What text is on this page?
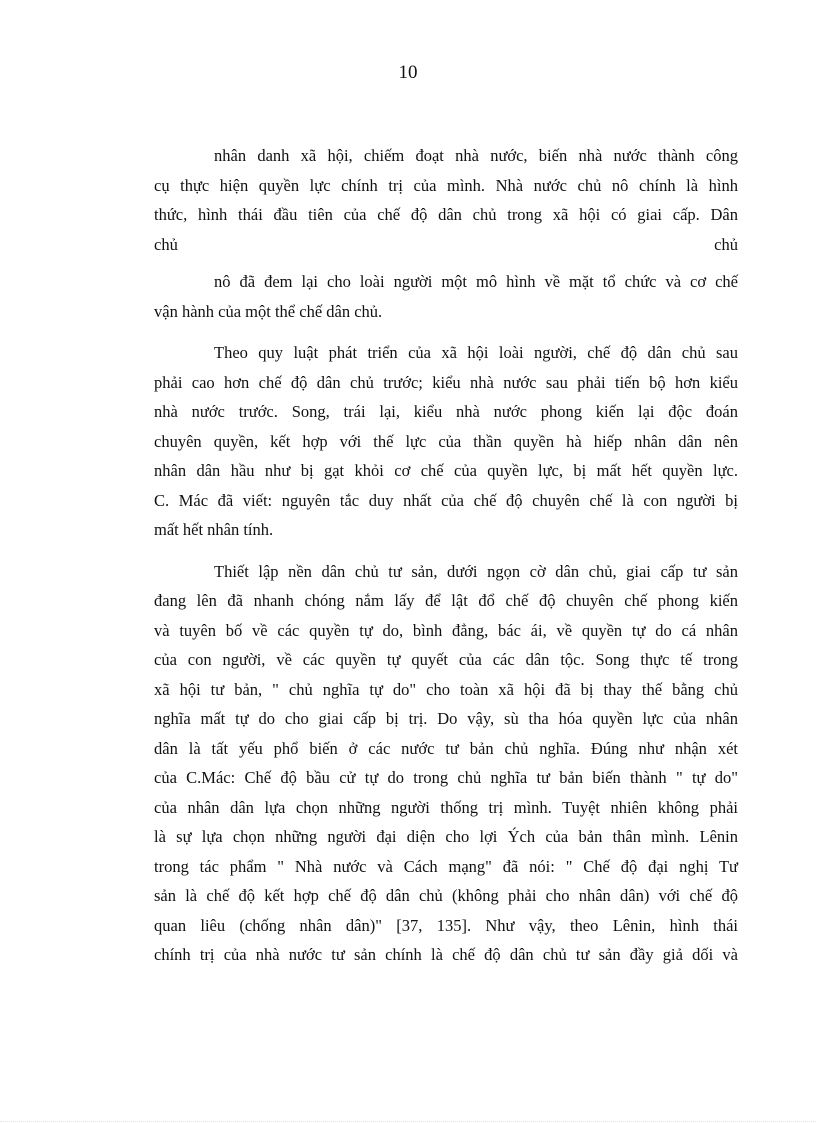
10
nhân danh xã hội, chiếm đoạt nhà nước, biến nhà nước thành công
cụ thực hiện quyền lực chính trị của mình. Nhà nước chủ nô chính là hình
thức, hình thái đầu tiên của chế độ dân chủ trong xã hội có giai cấp. Dân
chủ	chủ
nô đã đem lại cho loài người một mô hình về mặt tổ chức và cơ chế
vận hành của một thể chế dân chủ.
Theo quy luật phát triển của xã hội loài người, chế độ dân chủ sau
phải cao hơn chế độ dân chủ trước; kiểu nhà nước sau phải tiến bộ hơn kiểu
nhà nước trước. Song, trái lại, kiểu nhà nước phong kiến lại độc đoán
chuyên quyền, kết hợp với thế lực của thần quyền hà hiếp nhân dân nên
nhân dân hầu như bị gạt khỏi cơ chế của quyền lực, bị mất hết quyền lực.
C. Mác đã viết: nguyên tắc duy nhất của chế độ chuyên chế là con người bị
mất hết nhân tính.
Thiết lập nền dân chủ tư sản, dưới ngọn cờ dân chủ, giai cấp tư sản
đang lên đã nhanh chóng nắm lấy để lật đổ chế độ chuyên chế phong kiến
và tuyên bố về các quyền tự do, bình đẳng, bác ái, về quyền tự do cá nhân
của con người, về các quyền tự quyết của các dân tộc. Song thực tế trong
xã hội tư bản, " chủ nghĩa tự do" cho toàn xã hội đã bị thay thế bằng chủ
nghĩa mất tự do cho giai cấp bị trị. Do vậy, sù tha hóa quyền lực của nhân
dân là tất yếu phổ biến ở các nước tư bản chủ nghĩa. Đúng như nhận xét
của C.Mác: Chế độ bầu cử tự do trong chủ nghĩa tư bản biến thành " tự do"
của nhân dân lựa chọn những người thống trị mình. Tuyệt nhiên không phải
là sự lựa chọn những người đại diện cho lợi Ých của bản thân mình. Lênin
trong tác phẩm " Nhà nước và Cách mạng" đã nói: " Chế độ đại nghị Tư
sản là chế độ kết hợp chế độ dân chủ (không phải cho nhân dân) với chế độ
quan liêu (chống nhân dân)" [37, 135]. Như vậy, theo Lênin, hình thái
chính trị của nhà nước tư sản chính là chế độ dân chủ tư sản đầy giả dối và
